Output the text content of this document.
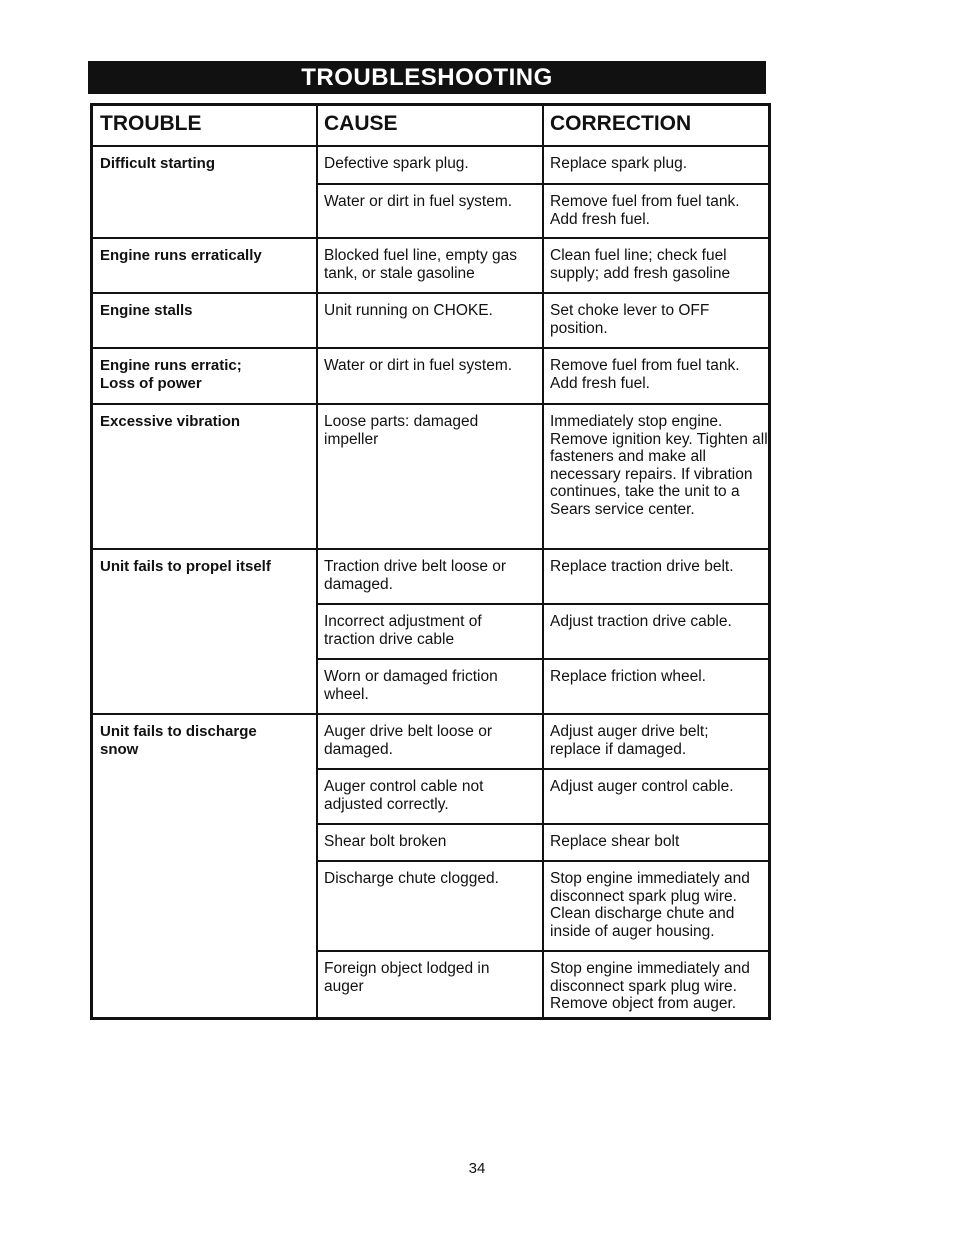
TROUBLESHOOTING
TROUBLE	CAUSE	CORRECTION
Difficult starting
Engine runs erratically
Engine stalls
Engine runs erratic; Loss of power
Excessive vibration
Unit fails to propel itself
Unit fails to discharge snow
Defective spark plug.
Water or dirt in fuel system.
Blocked fuel line, empty gas tank, or stale gasoline
Unit running on CHOKE.
Water or dirt in fuel system.
Loose parts: damaged impeller
Traction drive belt loose or damaged.
Incorrect adjustment of traction drive cable
Worn or damaged friction wheel.
Auger drive belt loose or damaged.
Auger control cable not adjusted correctly.
Shear bolt broken
Discharge chute clogged.
Foreign object lodged in auger
Replace spark plug.
Remove fuel from fuel tank. Add fresh fuel.
Clean fuel line; check fuel supply; add fresh gasoline
Set choke lever to OFF position.
Remove fuel from fuel tank. Add fresh fuel.
Immediately stop engine. Remove ignition key. Tighten all fasteners and make all necessary repairs. If vibration continues, take the unit to a Sears service center.
Replace traction drive belt.
Adjust traction drive cable.
Replace friction wheel.
Adjust auger drive belt; replace if damaged.
Adjust auger control cable.
Replace shear bolt
Stop engine immediately and disconnect spark plug wire. Clean discharge chute and inside of auger housing.
Stop engine immediately and disconnect spark plug wire. Remove object from auger.
34
